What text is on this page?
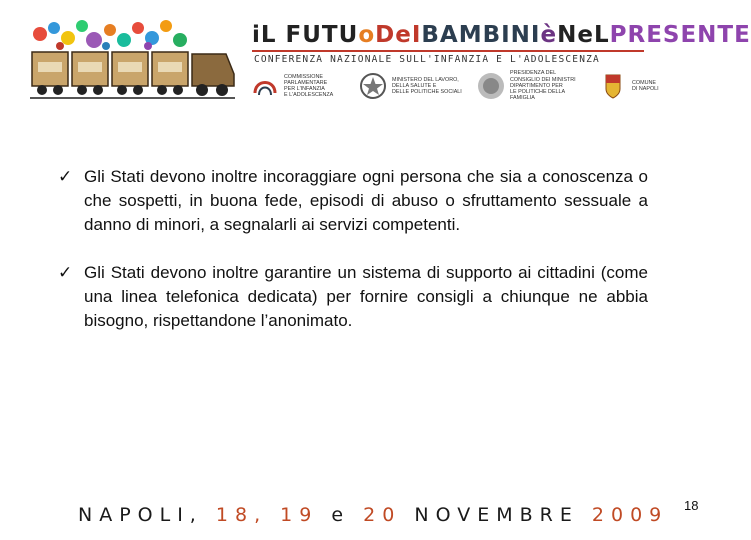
iL FUTUoDeIBAMBINIèNeLPRESENTE
CONFERENZA NAZIONALE SULL'INFANZIA E L'ADOLESCENZA
COMMISSIONE
PARLAMENTARE
PER L'INFANZIA
E L'ADOLESCENZA
MINISTERO DEL LAVORO,
DELLA SALUTE E
DELLE POLITICHE SOCIALI
PRESIDENZA DEL
CONSIGLIO DEI MINISTRI
DIPARTIMENTO PER
LE POLITICHE DELLA FAMIGLIA
COMUNE
DI NAPOLI
✓ Gli Stati devono inoltre incoraggiare ogni persona che sia a conoscenza o che sospetti, in buona fede, episodi di abuso o sfruttamento sessuale a danno di minori, a segnalarli ai servizi competenti.
✓ Gli Stati devono inoltre garantire un sistema di supporto ai cittadini (come una linea telefonica dedicata) per fornire consigli a chiunque ne abbia bisogno, rispettandone l’anonimato.
NAPOLI, 18, 19 e 20 NOVEMBRE 2009 18
